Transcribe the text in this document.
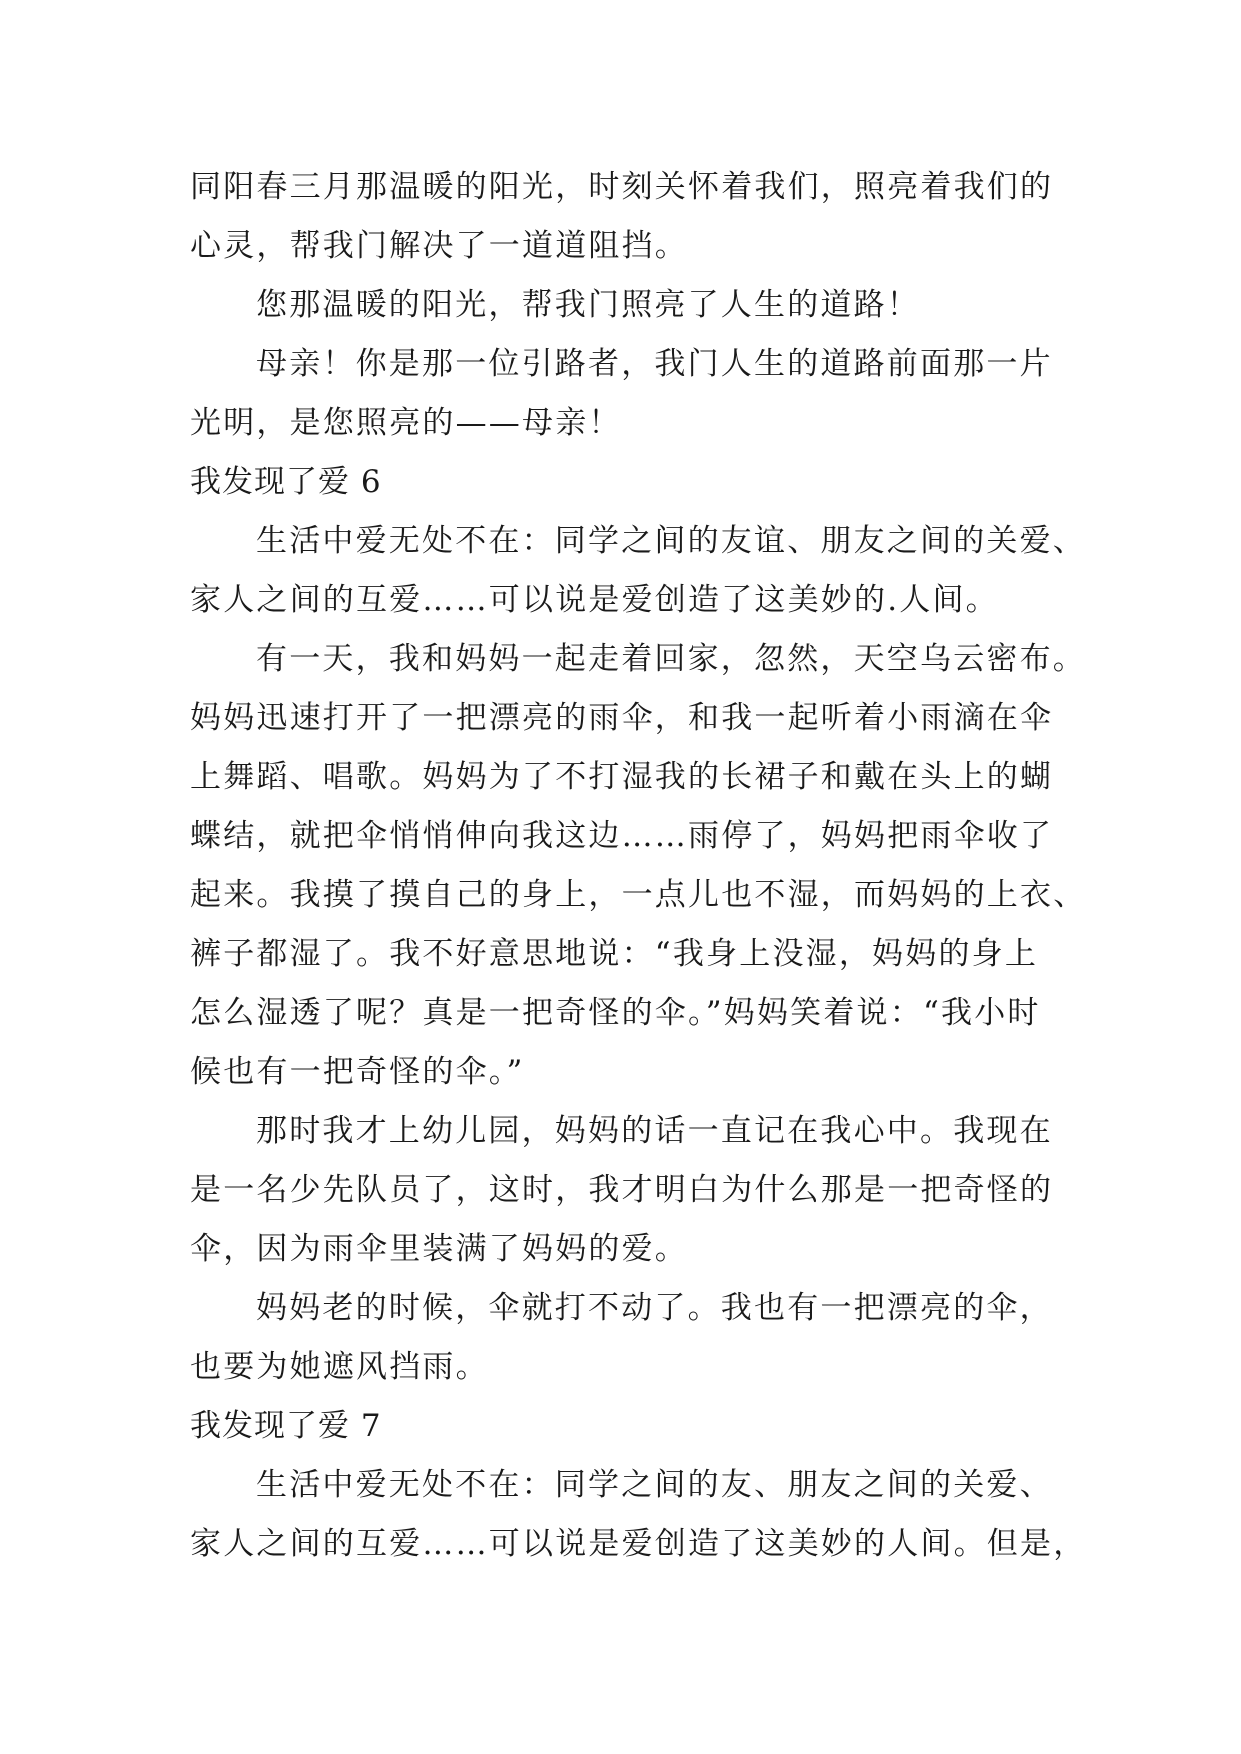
同阳春三月那温暖的阳光，时刻关怀着我们，照亮着我们的
心灵，帮我门解决了一道道阻挡。
您那温暖的阳光，帮我门照亮了人生的道路！
母亲！你是那一位引路者，我门人生的道路前面那一片
光明，是您照亮的——母亲！
我发现了爱 6
生活中爱无处不在：同学之间的友谊、朋友之间的关爱、
家人之间的互爱……可以说是爱创造了这美妙的.人间。
有一天，我和妈妈一起走着回家，忽然，天空乌云密布。
妈妈迅速打开了一把漂亮的雨伞，和我一起听着小雨滴在伞
上舞蹈、唱歌。妈妈为了不打湿我的长裙子和戴在头上的蝴
蝶结，就把伞悄悄伸向我这边……雨停了，妈妈把雨伞收了
起来。我摸了摸自己的身上，一点儿也不湿，而妈妈的上衣、
裤子都湿了。我不好意思地说：“我身上没湿，妈妈的身上
怎么湿透了呢？真是一把奇怪的伞。”妈妈笑着说：“我小时
候也有一把奇怪的伞。”
那时我才上幼儿园，妈妈的话一直记在我心中。我现在
是一名少先队员了，这时，我才明白为什么那是一把奇怪的
伞，因为雨伞里装满了妈妈的爱。
妈妈老的时候，伞就打不动了。我也有一把漂亮的伞，
也要为她遮风挡雨。
我发现了爱 7
生活中爱无处不在：同学之间的友、朋友之间的关爱、
家人之间的互爱……可以说是爱创造了这美妙的人间。但是，
